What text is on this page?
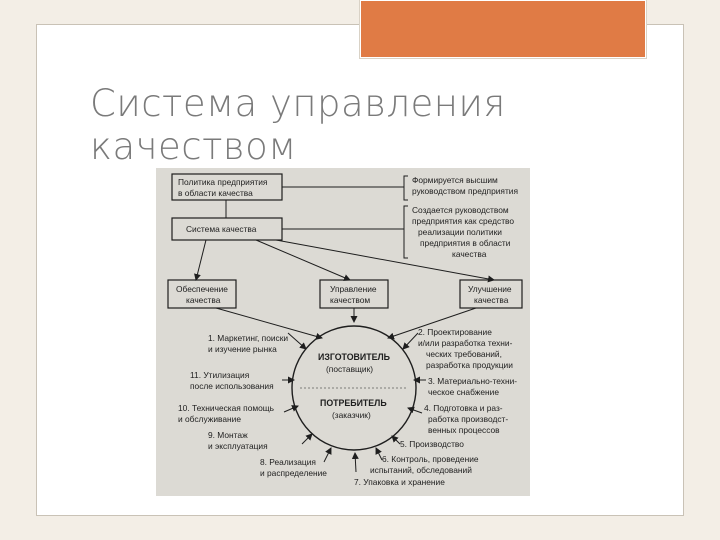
Система управления
качеством
Политика предприятия в области качества
Система качества
Формируется высшим руководством предприятия
Создается руководством предприятия как средство реализации политики предприятия в области качества
Обеспечение качества
Управление качеством
Улучшение качества
ИЗГОТОВИТЕЛЬ
(поставщик)
ПОТРЕБИТЕЛЬ
(заказчик)
1. Маркетинг, поиски и изучение рынка
2. Проектирование и/или разработка техни- ческих требований, разработка продукции
3. Материально-техни- ческое снабжение
4. Подготовка и раз- работка производст- венных процессов
5. Производство
6. Контроль, проведение испытаний, обследований
7. Упаковка и хранение
8. Реализация и распределение
9. Монтаж и эксплуатация
10. Техническая помощь и обслуживание
11. Утилизация после использования
